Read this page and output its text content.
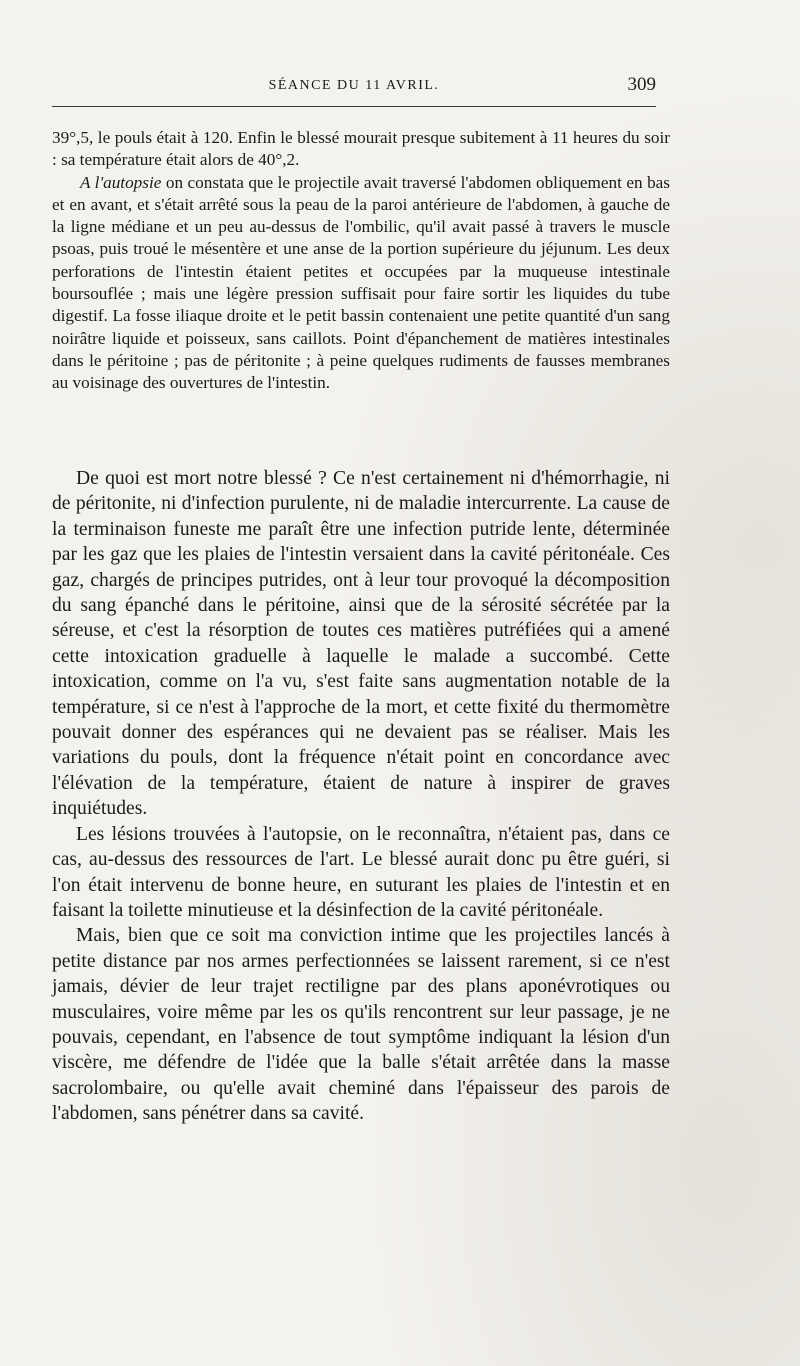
SÉANCE DU 11 AVRIL.	309

39°,5, le pouls était à 120. Enfin le blessé mourait presque subitement à 11 heures du soir : sa température était alors de 40°,2.

A l'autopsie on constata que le projectile avait traversé l'abdomen obliquement en bas et en avant, et s'était arrêté sous la peau de la paroi antérieure de l'abdomen, à gauche de la ligne médiane et un peu au-dessus de l'ombilic, qu'il avait passé à travers le muscle psoas, puis troué le mésentère et une anse de la portion supérieure du jéjunum. Les deux perforations de l'intestin étaient petites et occupées par la muqueuse intestinale boursouflée ; mais une légère pression suffisait pour faire sortir les liquides du tube digestif. La fosse iliaque droite et le petit bassin contenaient une petite quantité d'un sang noirâtre liquide et poisseux, sans caillots. Point d'épanchement de matières intestinales dans le péritoine ; pas de péritonite ; à peine quelques rudiments de fausses membranes au voisinage des ouvertures de l'intestin.

De quoi est mort notre blessé ? Ce n'est certainement ni d'hémorrhagie, ni de péritonite, ni d'infection purulente, ni de maladie intercurrente. La cause de la terminaison funeste me paraît être une infection putride lente, déterminée par les gaz que les plaies de l'intestin versaient dans la cavité péritonéale. Ces gaz, chargés de principes putrides, ont à leur tour provoqué la décomposition du sang épanché dans le péritoine, ainsi que de la sérosité sécrétée par la séreuse, et c'est la résorption de toutes ces matières putréfiées qui a amené cette intoxication graduelle à laquelle le malade a succombé. Cette intoxication, comme on l'a vu, s'est faite sans augmentation notable de la température, si ce n'est à l'approche de la mort, et cette fixité du thermomètre pouvait donner des espérances qui ne devaient pas se réaliser. Mais les variations du pouls, dont la fréquence n'était point en concordance avec l'élévation de la température, étaient de nature à inspirer de graves inquiétudes.

Les lésions trouvées à l'autopsie, on le reconnaîtra, n'étaient pas, dans ce cas, au-dessus des ressources de l'art. Le blessé aurait donc pu être guéri, si l'on était intervenu de bonne heure, en suturant les plaies de l'intestin et en faisant la toilette minutieuse et la désinfection de la cavité péritonéale.

Mais, bien que ce soit ma conviction intime que les projectiles lancés à petite distance par nos armes perfectionnées se laissent rarement, si ce n'est jamais, dévier de leur trajet rectiligne par des plans aponévrotiques ou musculaires, voire même par les os qu'ils rencontrent sur leur passage, je ne pouvais, cependant, en l'absence de tout symptôme indiquant la lésion d'un viscère, me défendre de l'idée que la balle s'était arrêtée dans la masse sacrolombaire, ou qu'elle avait cheminé dans l'épaisseur des parois de l'abdomen, sans pénétrer dans sa cavité.
